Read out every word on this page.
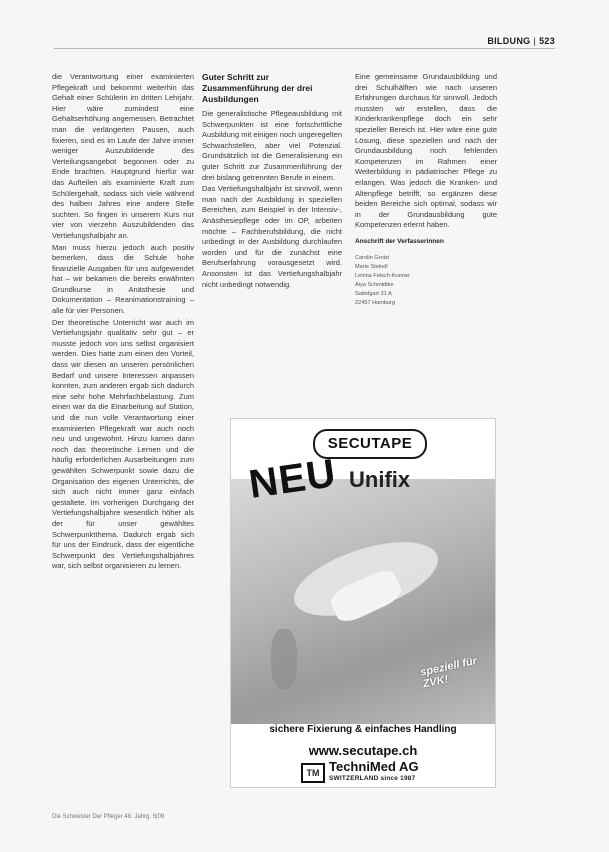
BILDUNG | 523

die Verantwortung einer examinierten Pflegekraft und bekommt weiterhin das Gehalt einer Schülerin im dritten Lehrjahr. Hier wäre zumindest eine Gehaltserhöhung angemessen. Betrachtet man die verlängerten Pausen, auch fixieren, sind es im Laufe der Jahre immer weniger Auszubildende des Verteilungsangebot begonnen oder zu Ende brachten. Hauptgrund hierfür war das Aufteilen als examinierte Kraft zum Schülergehalt, sodass sich viele während des halben Jahres eine andere Stelle suchten. So fingen in unserem Kurs nur vier von vierzehn Auszubildenden das Vertiefungshalbjahr an.

Man muss hierzu jedoch auch positiv bemerken, dass die Schule hohe finanzielle Ausgaben für uns aufgewendet hat – wir bekamen die bereits erwähnten Grundkurse in Anästhesie und Dokumentation – Reanimationstraining – alle für vier Personen.

Der theoretische Unterricht war auch im Vertiefungsjahr qualitativ sehr gut – er musste jedoch von uns selbst organisiert werden. Dies hatte zum einen den Vorteil, dass wir diesen an unseren persönlichen Bedarf und unsere Interessen anpassen konnten, zum anderen ergab sich dadurch eine sehr hohe Mehrfachbelastung. Zum einen war da die Einarbeitung auf Station, und die nun volle Verantwortung einer examinierten Pflegekraft war auch noch neu und ungewohnt. Hinzu kamen dann noch das theoretische Lernen und die häufig erforderlichen Ausarbeitungen zum gewählten Schwerpunkt sowie dazu die Organisation des eigenen Unterrichts, die sich auch nicht immer ganz einfach gestaltete. Im vorherigen Durchgang der Vertiefungshalbjahre wesentlich höher als der für unser gewähltes Schwerpunktthema. Dadurch ergab sich für uns der Eindruck, dass der eigentliche Schwerpunkt des Vertiefungshalbjahres war, sich selbst organisieren zu lernen.

Guter Schritt zur Zusammenführung der drei Ausbildungen

Die generalistische Pflegeausbildung mit Schwerpunkten ist eine fortschrittliche Ausbildung mit einigen noch ungeregelten Schwachstellen, aber viel Potenzial. Grundsätzlich ist die Generalisierung ein guter Schritt zur Zusammenführung der drei bislang getrennten Berufe in einem.

Das Vertiefungshalbjahr ist sinnvoll, wenn man nach der Ausbildung in speziellen Bereichen, zum Beispiel in der Intensiv-, Anästhesiepflege oder im OP, arbeiten möchte – Fachberufsbildung, die nicht unbedingt in der Ausbildung durchlaufen worden und für die zunächst eine Berufserfahrung vorausgesetzt wird. Ansonsten ist das Vertiefungshalbjahr nicht unbedingt notwendig.

Eine gemeinsame Grundausbildung und drei Schulhälften wie nach unseren Erfahrungen durchaus für sinnvoll. Jedoch mussten wir erstellen, dass die Kinderkrankenpflege doch ein sehr spezieller Bereich ist. Hier wäre eine gute Lösung, diese speziellen und nach der Grundausbildung noch fehlenden Kompetenzen im Rahmen einer Weiterbildung in pädiatrischer Pflege zu erlangen. Was jedoch die Kranken- und Altenpflege betrifft, so ergänzen diese beiden Bereiche sich optimal, sodass wir in der Grundausbildung gute Kompetenzen erlernt haben.

Anschrift der Verfasserinnen
Carolin Grotzi
Marie Steindl
Lenina Felsch-Kramer
Aiya Schmidtke
Sattelgart 31 A
22457 Hamburg
SECUTAPE
NEU Unifix
speziell für ZVK!
sichere Fixierung & einfaches Handling
www.secutape.ch
TM TechniMed AG
SWITZERLAND since 1987
Die Schwester Der Pfleger 48. Jahrg. 5|09
